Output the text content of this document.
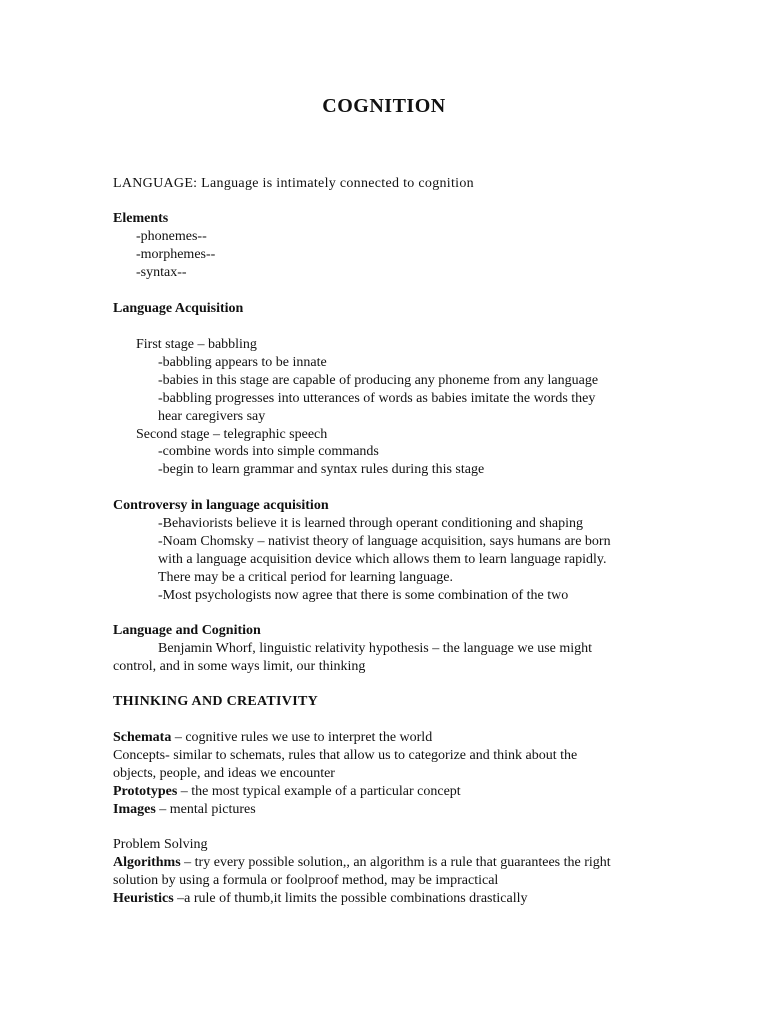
COGNITION
LANGUAGE: Language is intimately connected to cognition
Elements
-phonemes--
-morphemes--
-syntax--
Language Acquisition
First stage – babbling
-babbling appears to be innate
-babies in this stage are capable of producing any phoneme from any language
-babbling progresses into utterances of words as babies imitate the words they
hear caregivers say
Second stage – telegraphic speech
-combine words into simple commands
-begin to learn grammar and syntax rules during this stage
Controversy in language acquisition
-Behaviorists believe it is learned through operant conditioning and shaping
-Noam Chomsky – nativist theory of language acquisition, says humans are born
with a language acquisition device which allows them to learn language rapidly.
There may be a critical period for learning language.
-Most psychologists now agree that there is some combination of the two
Language and Cognition
Benjamin Whorf, linguistic relativity hypothesis – the language we use might
control, and in some ways limit, our thinking
THINKING AND CREATIVITY
Schemata – cognitive rules we use to interpret the world
Concepts- similar to schemats, rules that allow us to categorize and think about the
objects, people, and ideas we encounter
Prototypes – the most typical example of a particular concept
Images – mental pictures
Problem Solving
Algorithms – try every possible solution,, an algorithm is a rule that guarantees the right
solution by using a formula or foolproof method, may be impractical
Heuristics –a rule of thumb,it limits the possible combinations drastically
